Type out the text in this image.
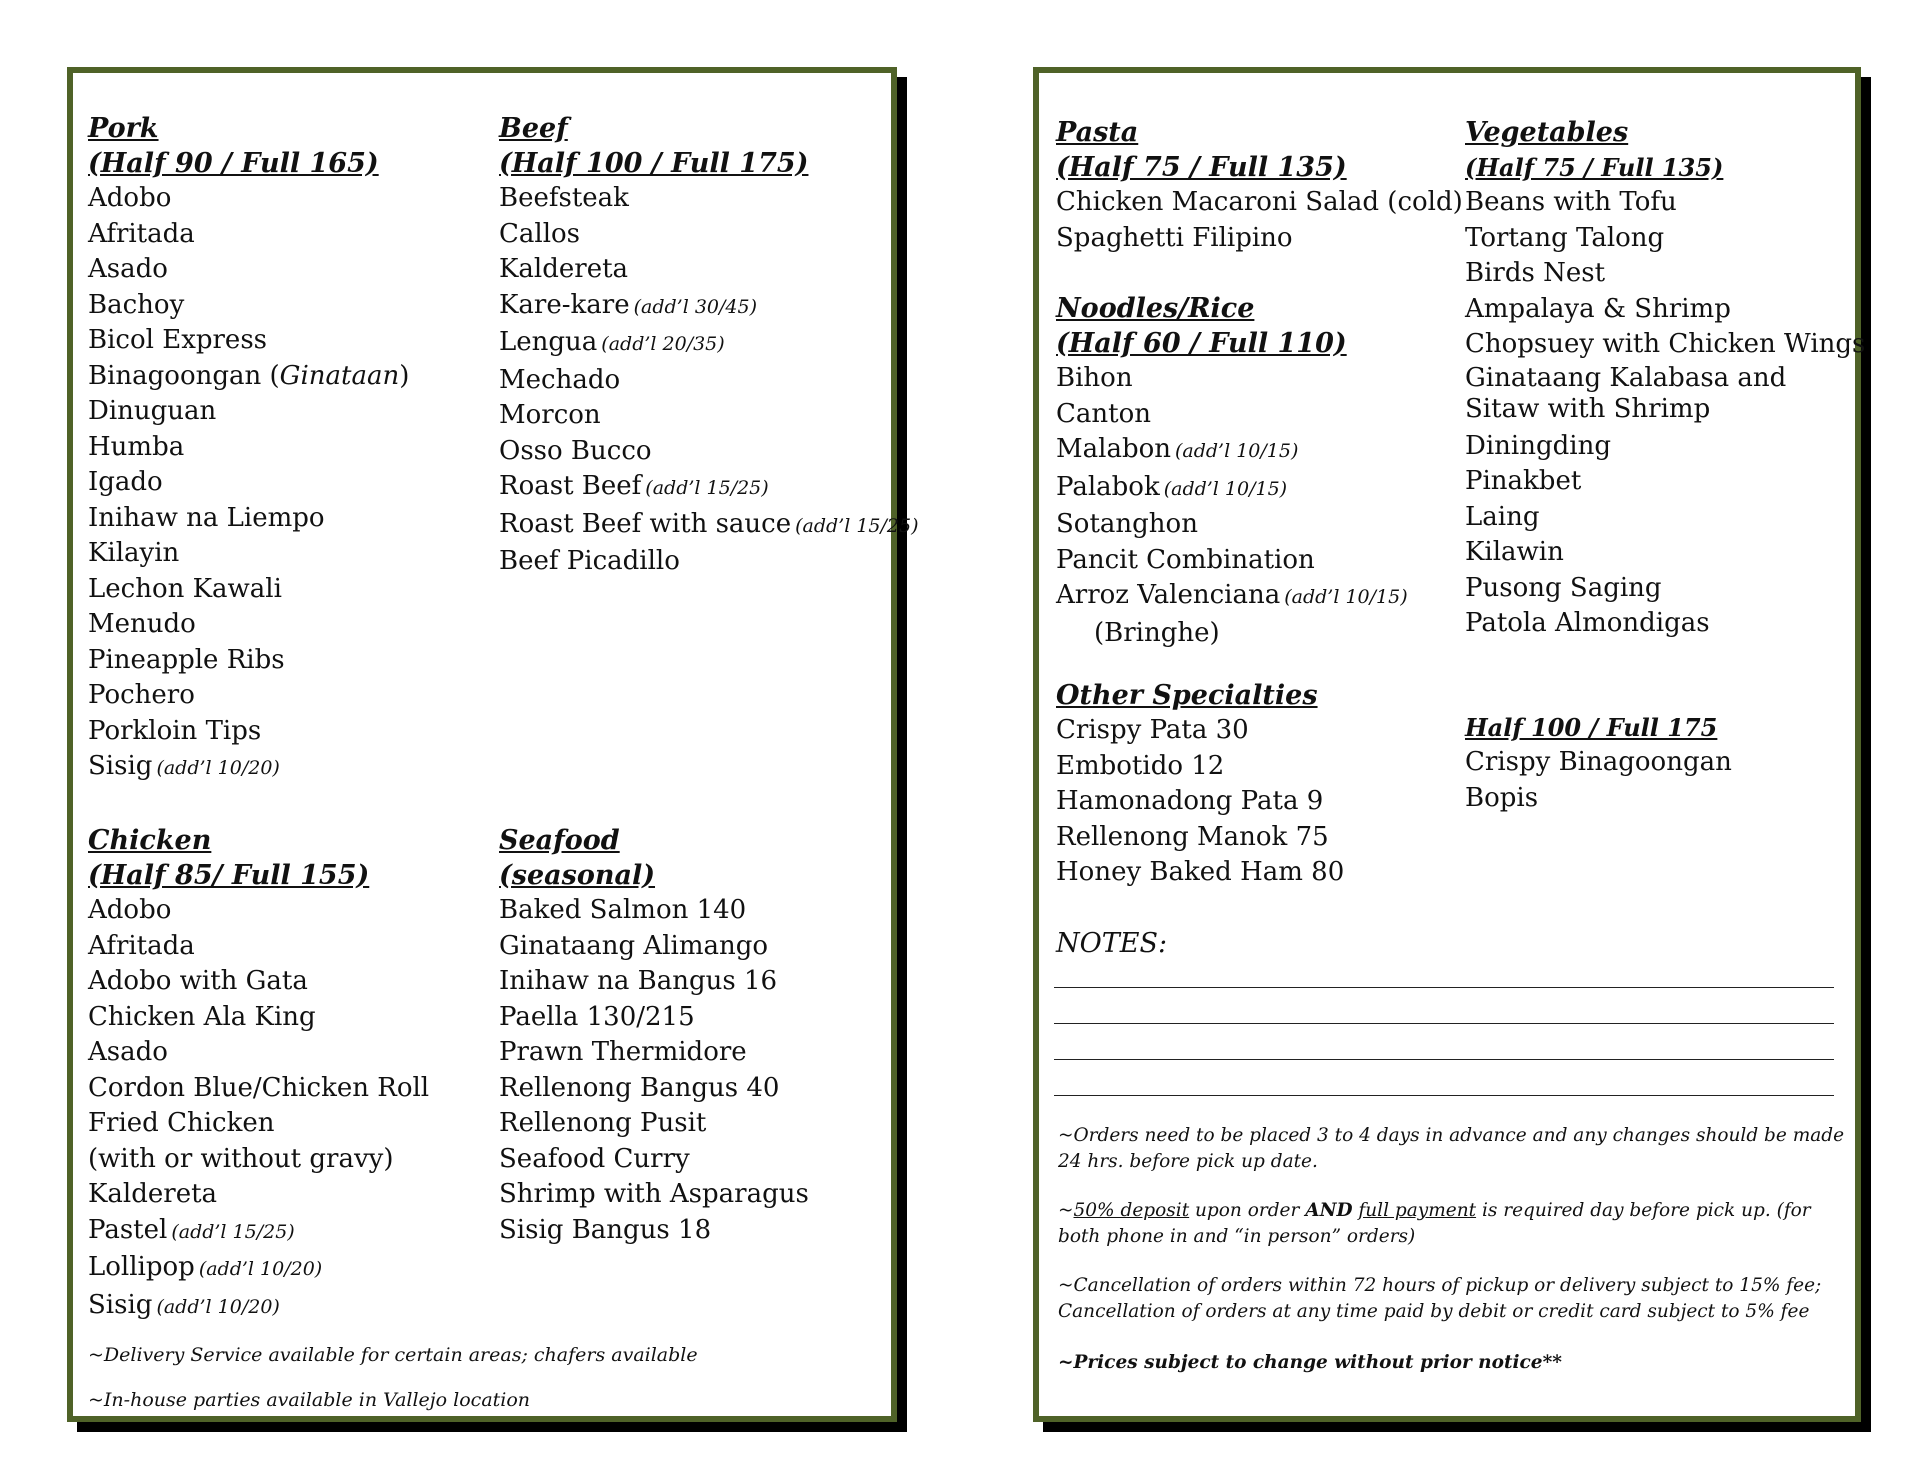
Pork
(Half 90 / Full 165)
Adobo
Afritada
Asado
Bachoy
Bicol Express
Binagoongan (Ginataan)
Dinuguan
Humba
Igado
Inihaw na Liempo
Kilayin
Lechon Kawali
Menudo
Pineapple Ribs
Pochero
Porkloin Tips
Sisig (add’l 10/20)
Beef
(Half 100 / Full 175)
Beefsteak
Callos
Kaldereta
Kare-kare (add’l 30/45)
Lengua (add’l 20/35)
Mechado
Morcon
Osso Bucco
Roast Beef (add’l 15/25)
Roast Beef with sauce (add’l 15/25)
Beef Picadillo
Chicken
(Half 85/ Full 155)
Adobo
Afritada
Adobo with Gata
Chicken Ala King
Asado
Cordon Blue/Chicken Roll
Fried Chicken
(with or without gravy)
Kaldereta
Pastel (add’l 15/25)
Lollipop (add’l 10/20)
Sisig (add’l 10/20)
Seafood
(seasonal)
Baked Salmon 140
Ginataang Alimango
Inihaw na Bangus 16
Paella 130/215
Prawn Thermidore
Rellenong Bangus 40
Rellenong Pusit
Seafood Curry
Shrimp with Asparagus
Sisig Bangus 18
~Delivery Service available for certain areas; chafers available
~In-house parties available in Vallejo location
Pasta
(Half 75 / Full 135)
Chicken Macaroni Salad (cold)
Spaghetti Filipino
Noodles/Rice
(Half 60 / Full 110)
Bihon
Canton
Malabon (add’l 10/15)
Palabok (add’l 10/15)
Sotanghon
Pancit Combination
Arroz Valenciana (add’l 10/15)
(Bringhe)
Other Specialties
Crispy Pata 30
Embotido 12
Hamonadong Pata 9
Rellenong Manok 75
Honey Baked Ham 80
Vegetables
(Half 75 / Full 135)
Beans with Tofu
Tortang Talong
Birds Nest
Ampalaya & Shrimp
Chopsuey with Chicken Wings
Ginataang Kalabasa and Sitaw with Shrimp
Diningding
Pinakbet
Laing
Kilawin
Pusong Saging
Patola Almondigas
Half 100 / Full 175
Crispy Binagoongan
Bopis
NOTES:
~Orders need to be placed 3 to 4 days in advance and any changes should be made 24 hrs. before pick up date.
~50% deposit upon order AND full payment is required day before pick up. (for both phone in and “in person” orders)
~Cancellation of orders within 72 hours of pickup or delivery subject to 15% fee;
Cancellation of orders at any time paid by debit or credit card subject to 5% fee
~Prices subject to change without prior notice**
